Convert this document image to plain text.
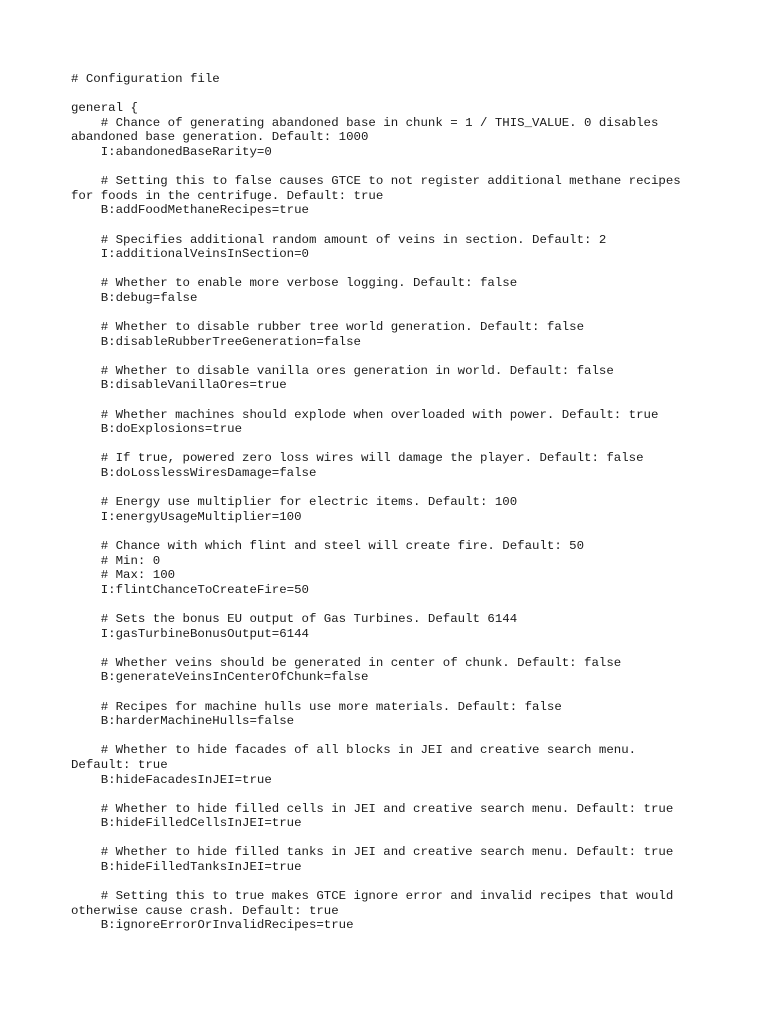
# Configuration file
general {
# Chance of generating abandoned base in chunk = 1 / THIS_VALUE. 0 disables
abandoned base generation. Default: 1000
I:abandonedBaseRarity=0
# Setting this to false causes GTCE to not register additional methane recipes
for foods in the centrifuge. Default: true
B:addFoodMethaneRecipes=true
# Specifies additional random amount of veins in section. Default: 2
I:additionalVeinsInSection=0
# Whether to enable more verbose logging. Default: false
B:debug=false
# Whether to disable rubber tree world generation. Default: false
B:disableRubberTreeGeneration=false
# Whether to disable vanilla ores generation in world. Default: false
B:disableVanillaOres=true
# Whether machines should explode when overloaded with power. Default: true
B:doExplosions=true
# If true, powered zero loss wires will damage the player. Default: false
B:doLosslessWiresDamage=false
# Energy use multiplier for electric items. Default: 100
I:energyUsageMultiplier=100
# Chance with which flint and steel will create fire. Default: 50
# Min: 0
# Max: 100
I:flintChanceToCreateFire=50
# Sets the bonus EU output of Gas Turbines. Default 6144
I:gasTurbineBonusOutput=6144
# Whether veins should be generated in center of chunk. Default: false
B:generateVeinsInCenterOfChunk=false
# Recipes for machine hulls use more materials. Default: false
B:harderMachineHulls=false
# Whether to hide facades of all blocks in JEI and creative search menu.
Default: true
B:hideFacadesInJEI=true
# Whether to hide filled cells in JEI and creative search menu. Default: true
B:hideFilledCellsInJEI=true
# Whether to hide filled tanks in JEI and creative search menu. Default: true
B:hideFilledTanksInJEI=true
# Setting this to true makes GTCE ignore error and invalid recipes that would
otherwise cause crash. Default: true
B:ignoreErrorOrInvalidRecipes=true
